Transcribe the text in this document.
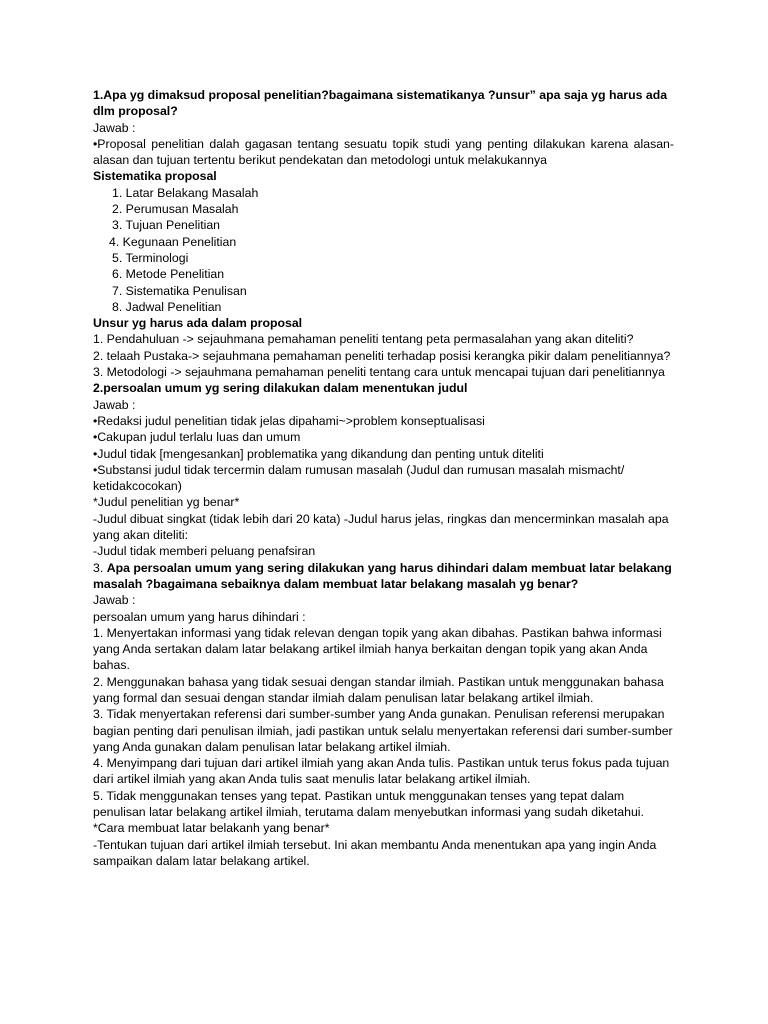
1.Apa yg dimaksud proposal penelitian?bagaimana sistematikanya ?unsur” apa saja yg harus ada dlm proposal?

Jawab :

•Proposal penelitian dalah gagasan tentang sesuatu topik studi yang penting dilakukan karena alasan-alasan dan tujuan tertentu berikut pendekatan dan metodologi untuk melakukannya

Sistematika proposal

1. Latar Belakang Masalah
2. Perumusan Masalah
3. Tujuan Penelitian
4. Kegunaan Penelitian
5. Terminologi
6. Metode Penelitian
7. Sistematika Penulisan
8. Jadwal Penelitian

Unsur yg harus ada dalam proposal

1. Pendahuluan -> sejauhmana pemahaman peneliti tentang peta permasalahan yang akan diteliti?

2. telaah Pustaka-> sejauhmana pemahaman peneliti terhadap posisi kerangka pikir dalam penelitiannya?

3. Metodologi -> sejauhmana pemahaman peneliti tentang cara untuk mencapai tujuan dari penelitiannya

2.persoalan umum yg sering dilakukan dalam menentukan judul

Jawab :

•Redaksi judul penelitian tidak jelas dipahami~>problem konseptualisasi

•Cakupan judul terlalu luas dan umum

•Judul tidak [mengesankan] problematika yang dikandung dan penting untuk diteliti

•Substansi judul tidak tercermin dalam rumusan masalah (Judul dan rumusan masalah mismacht/ ketidakcocokan)

*Judul penelitian yg benar*

-Judul dibuat singkat (tidak lebih dari 20 kata) -Judul harus jelas, ringkas dan mencerminkan masalah apa yang akan diteliti:

-Judul tidak memberi peluang penafsiran

3. Apa persoalan umum yang sering dilakukan yang harus dihindari dalam membuat latar belakang masalah ?bagaimana sebaiknya dalam membuat latar belakang masalah yg benar?

Jawab :

persoalan umum yang harus dihindari :

1. Menyertakan informasi yang tidak relevan dengan topik yang akan dibahas. Pastikan bahwa informasi yang Anda sertakan dalam latar belakang artikel ilmiah hanya berkaitan dengan topik yang akan Anda bahas.

2. Menggunakan bahasa yang tidak sesuai dengan standar ilmiah. Pastikan untuk menggunakan bahasa yang formal dan sesuai dengan standar ilmiah dalam penulisan latar belakang artikel ilmiah.

3. Tidak menyertakan referensi dari sumber-sumber yang Anda gunakan. Penulisan referensi merupakan bagian penting dari penulisan ilmiah, jadi pastikan untuk selalu menyertakan referensi dari sumber-sumber yang Anda gunakan dalam penulisan latar belakang artikel ilmiah.

4. Menyimpang dari tujuan dari artikel ilmiah yang akan Anda tulis. Pastikan untuk terus fokus pada tujuan dari artikel ilmiah yang akan Anda tulis saat menulis latar belakang artikel ilmiah.

5. Tidak menggunakan tenses yang tepat. Pastikan untuk menggunakan tenses yang tepat dalam penulisan latar belakang artikel ilmiah, terutama dalam menyebutkan informasi yang sudah diketahui.

*Cara membuat latar belakanh yang benar*

-Tentukan tujuan dari artikel ilmiah tersebut. Ini akan membantu Anda menentukan apa yang ingin Anda sampaikan dalam latar belakang artikel.
